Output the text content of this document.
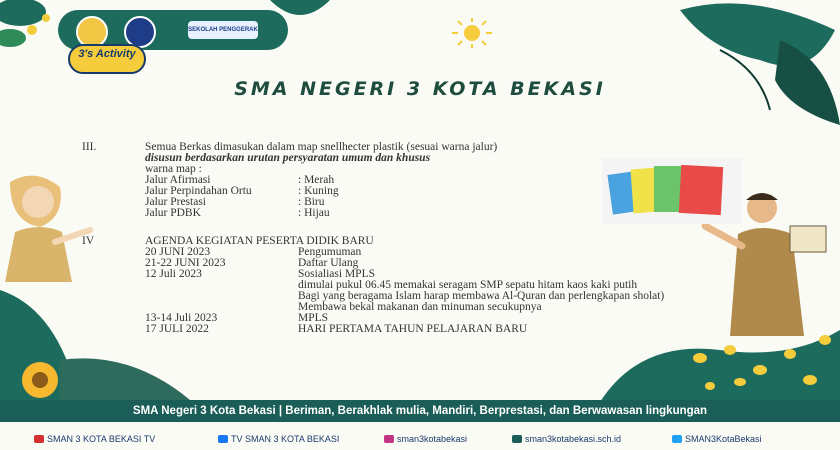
SEKOLAH PENGGERAK
3's Activity
SMA NEGERI 3 KOTA BEKASI
III.	Semua Berkas dimasukan dalam map snellhecter plastik (sesuai warna jalur)
disusun berdasarkan urutan persyaratan umum dan khusus
warna map :
Jalur Afirmasi	: Merah
Jalur Perpindahan Ortu	: Kuning
Jalur Prestasi	: Biru
Jalur PDBK	: Hijau
IV	AGENDA KEGIATAN PESERTA DIDIK BARU
20 JUNI 2023	Pengumuman
21-22 JUNI 2023	Daftar Ulang
12 Juli 2023	Sosialiasi MPLS
dimulai pukul 06.45 memakai seragam SMP sepatu hitam kaos kaki putih
Bagi yang beragama Islam harap membawa Al-Quran dan perlengkapan sholat)
Membawa bekal makanan dan minuman secukupnya
13-14 Juli 2023	MPLS
17 JULI 2022	HARI PERTAMA TAHUN PELAJARAN BARU
SMA Negeri 3 Kota Bekasi | Beriman, Berakhlak mulia, Mandiri, Berprestasi, dan Berwawasan lingkungan
SMAN 3 KOTA BEKASI TV	TV SMAN 3 KOTA BEKASI	sman3kotabekasi	sman3kotabekasi.sch.id	SMAN3KotaBekasi
